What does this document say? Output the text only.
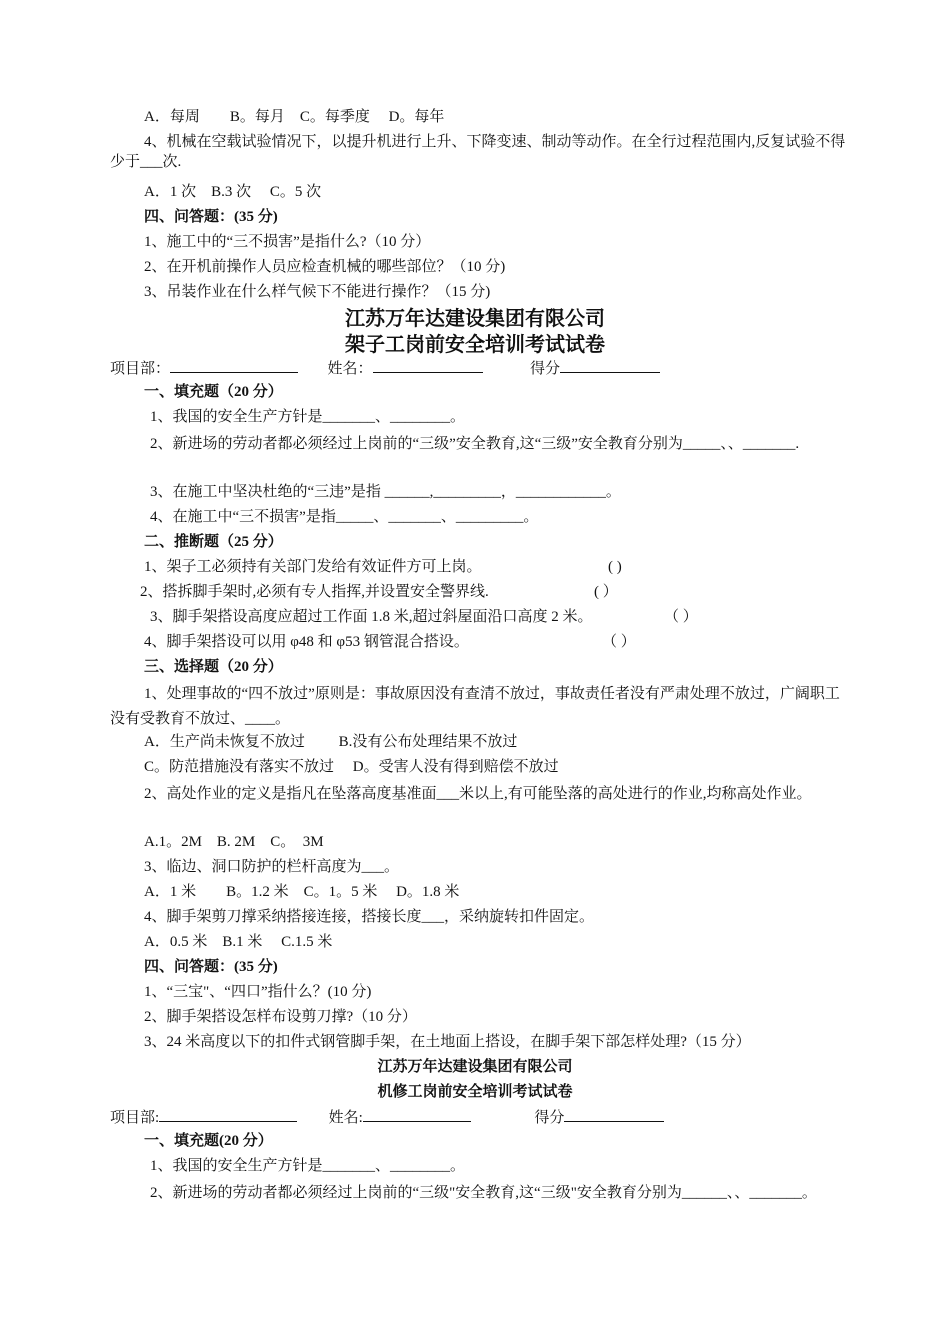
A．每周　　B。每月　C。每季度　 D。每年
4、机械在空载试验情况下，以提升机进行上升、下降变速、制动等动作。在全行过程范围内,反复试验不得少于___次.
A．1 次　B.3 次　 C。5 次
四、问答题：(35 分)
1、施工中的“三不损害”是指什么?（10 分）
2、在开机前操作人员应检查机械的哪些部位？（10 分)
3、吊装作业在什么样气候下不能进行操作？（15 分)
江苏万年达建设集团有限公司
架子工岗前安全培训考试试卷
项目部：	姓名：	得分
一、填充题（20 分）
1、我国的安全生产方针是_______、________。
2、新进场的劳动者都必须经过上岗前的“三级”安全教育,这“三级”安全教育分别为_____、、_______.
3、在施工中坚决杜绝的“三违”是指 ______,_________，____________。
4、在施工中“三不损害”是指_____、_______、_________。
二、推断题（25 分）
1、架子工必须持有关部门发给有效证件方可上岗。	( )
2、搭拆脚手架时,必须有专人指挥,并设置安全警界线.	( ）
3、脚手架搭设高度应超过工作面 1.8 米,超过斜屋面沿口高度 2 米。	（ ）
4、脚手架搭设可以用 φ48 和 φ53 钢管混合搭设。	（ ）
三、选择题（20 分）
1、处理事故的“四不放过”原则是：事故原因没有查清不放过，事故责任者没有严肃处理不放过，广阔职工没有受教育不放过、____。
A．生产尚未恢复不放过　　 B.没有公布处理结果不放过
C。防范措施没有落实不放过　 D。受害人没有得到赔偿不放过
2、高处作业的定义是指凡在坠落高度基准面___米以上,有可能坠落的高处进行的作业,均称高处作业。
A.1。2M　B. 2M　C。　3M
3、临边、洞口防护的栏杆高度为___。
A．1 米　　B。1.2 米　C。1。5 米　 D。1.8 米
4、脚手架剪刀撑采纳搭接连接，搭接长度___，采纳旋转扣件固定。
A．0.5 米　B.1 米　 C.1.5 米
四、问答题：(35 分)
1、“三宝"、“四口”指什么？(10 分)
2、脚手架搭设怎样布设剪刀撑?（10 分）
3、24 米高度以下的扣件式钢管脚手架，在土地面上搭设，在脚手架下部怎样处理?（15 分）
江苏万年达建设集团有限公司
机修工岗前安全培训考试试卷
项目部:	姓名:	得分
一、填充题(20 分）
1、我国的安全生产方针是_______、________。
2、新进场的劳动者都必须经过上岗前的“三级"安全教育,这“三级"安全教育分别为______、、_______。
